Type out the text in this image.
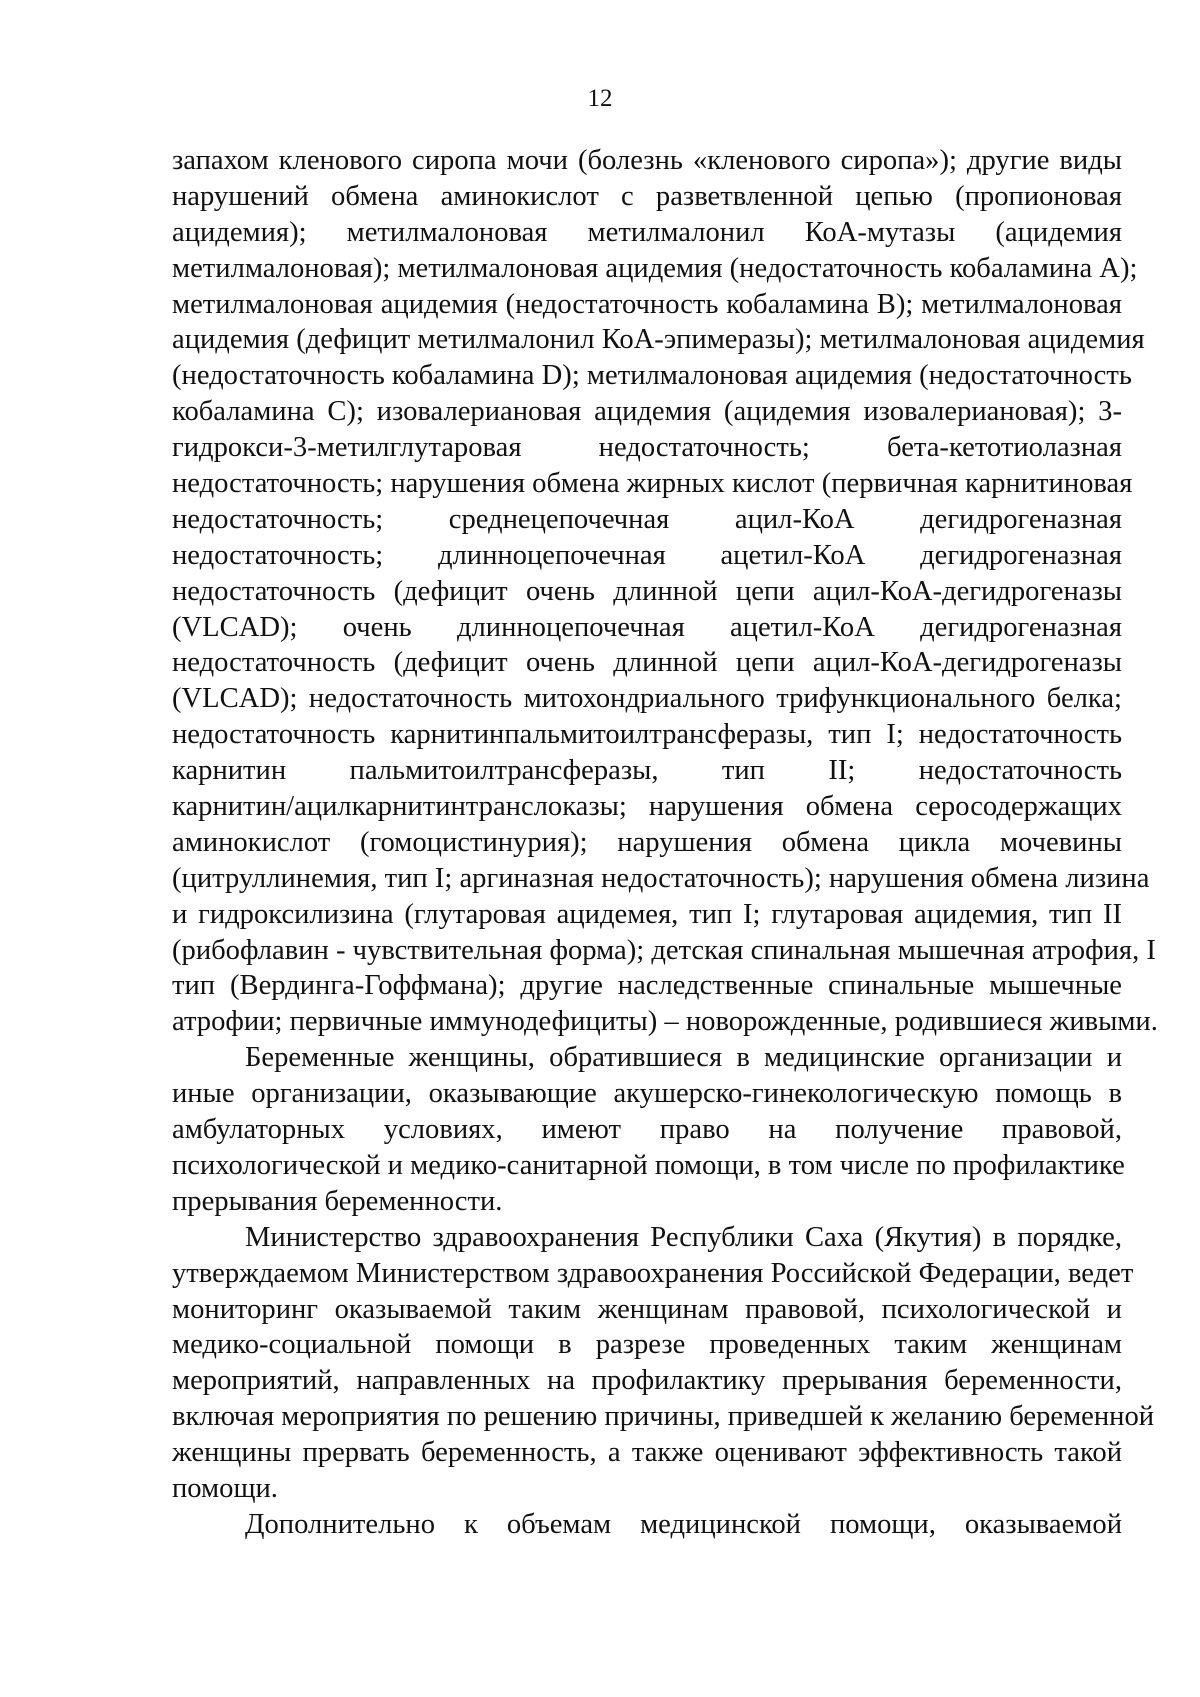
12
запахом кленового сиропа мочи (болезнь «кленового сиропа»); другие виды
нарушений обмена аминокислот с разветвленной цепью (пропионовая
ацидемия); метилмалоновая метилмалонил КоА-мутазы (ацидемия
метилмалоновая); метилмалоновая ацидемия (недостаточность кобаламина А);
метилмалоновая ацидемия (недостаточность кобаламина В); метилмалоновая
ацидемия (дефицит метилмалонил КоА-эпимеразы); метилмалоновая ацидемия
(недостаточность кобаламина D); метилмалоновая ацидемия (недостаточность
кобаламина С); изовалериановая ацидемия (ацидемия изовалериановая); 3-
гидрокси-3-метилглутаровая недостаточность; бета-кетотиолазная
недостаточность; нарушения обмена жирных кислот (первичная карнитиновая
недостаточность; среднецепочечная ацил-КоА дегидрогеназная
недостаточность; длинноцепочечная ацетил-КоА дегидрогеназная
недостаточность (дефицит очень длинной цепи ацил-КоА-дегидрогеназы
(VLCAD); очень длинноцепочечная ацетил-КоА дегидрогеназная
недостаточность (дефицит очень длинной цепи ацил-КоА-дегидрогеназы
(VLCAD); недостаточность митохондриального трифункционального белка;
недостаточность карнитинпальмитоилтрансферазы, тип I; недостаточность
карнитин пальмитоилтрансферазы, тип II; недостаточность
карнитин/ацилкарнитинтранслоказы; нарушения обмена серосодержащих
аминокислот (гомоцистинурия); нарушения обмена цикла мочевины
(цитруллинемия, тип I; аргиназная недостаточность); нарушения обмена лизина
и гидроксилизина (глутаровая ацидемея, тип I; глутаровая ацидемия, тип II
(рибофлавин - чувствительная форма); детская спинальная мышечная атрофия, I
тип (Вердинга-Гоффмана); другие наследственные спинальные мышечные
атрофии; первичные иммунодефициты) – новорожденные, родившиеся живыми.
Беременные женщины, обратившиеся в медицинские организации и
иные организации, оказывающие акушерско-гинекологическую помощь в
амбулаторных условиях, имеют право на получение правовой,
психологической и медико-санитарной помощи, в том числе по профилактике
прерывания беременности.
Министерство здравоохранения Республики Саха (Якутия) в порядке,
утверждаемом Министерством здравоохранения Российской Федерации, ведет
мониторинг оказываемой таким женщинам правовой, психологической и
медико-социальной помощи в разрезе проведенных таким женщинам
мероприятий, направленных на профилактику прерывания беременности,
включая мероприятия по решению причины, приведшей к желанию беременной
женщины прервать беременность, а также оценивают эффективность такой
помощи.
Дополнительно к объемам медицинской помощи, оказываемой
